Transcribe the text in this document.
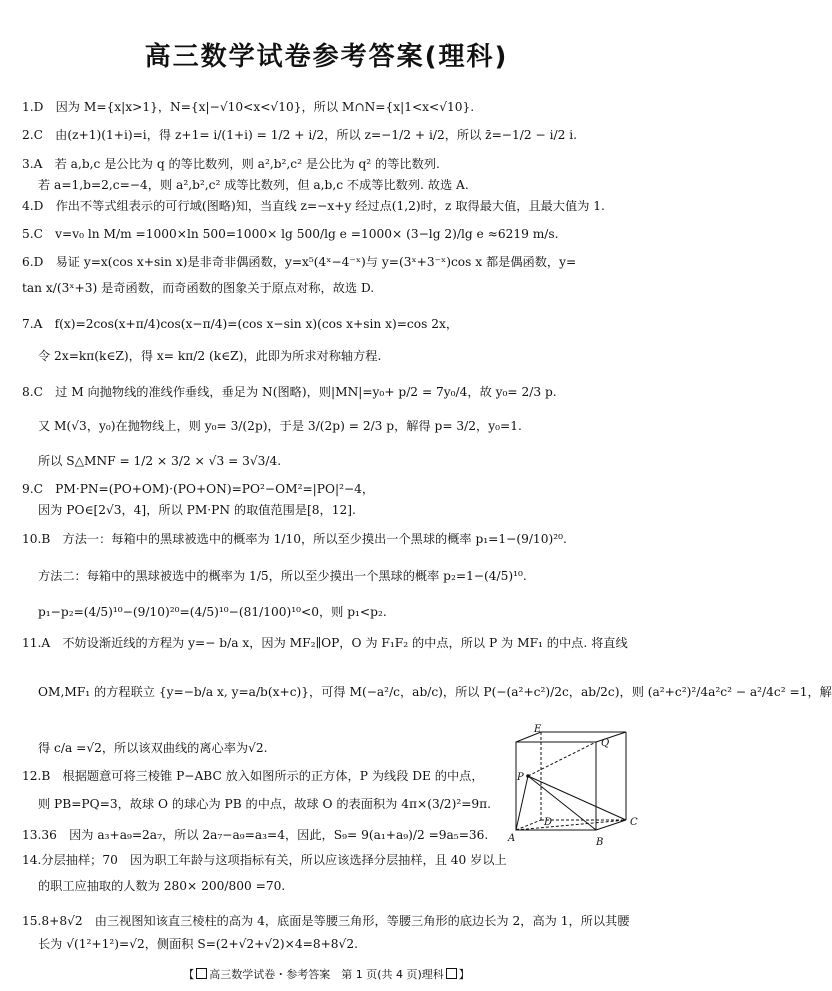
高三数学试卷参考答案(理科)
1.D　因为 M={x|x>1}，N={x|−√10<x<√10}，所以 M∩N={x|1<x<√10}.
2.C　由(z+1)(1+i)=i，得 z+1= i/(1+i) = 1/2 + i/2，所以 z=−1/2 + i/2，所以 z̄=−1/2 − i/2 i.
3.A　若 a,b,c 是公比为 q 的等比数列，则 a²,b²,c² 是公比为 q² 的等比数列.
若 a=1,b=2,c=−4，则 a²,b²,c² 成等比数列，但 a,b,c 不成等比数列. 故选 A.
4.D　作出不等式组表示的可行域(图略)知，当直线 z=−x+y 经过点(1,2)时，z 取得最大值，且最大值为 1.
5.C　v=v₀ ln M/m =1000×ln 500=1000× lg 500/lg e =1000× (3−lg 2)/lg e ≈6219 m/s.
6.D　易证 y=x(cos x+sin x)是非奇非偶函数，y=x⁵(4ˣ−4⁻ˣ)与 y=(3ˣ+3⁻ˣ)cos x 都是偶函数，y=
tan x/(3ˣ+3) 是奇函数，而奇函数的图象关于原点对称，故选 D.
7.A　f(x)=2cos(x+π/4)cos(x−π/4)=(cos x−sin x)(cos x+sin x)=cos 2x，
令 2x=kπ(k∈Z)，得 x= kπ/2 (k∈Z)，此即为所求对称轴方程.
8.C　过 M 向抛物线的准线作垂线，垂足为 N(图略)，则|MN|=y₀+ p/2 = 7y₀/4，故 y₀= 2/3 p.
又 M(√3，y₀)在抛物线上，则 y₀= 3/(2p)，于是 3/(2p) = 2/3 p，解得 p= 3/2，y₀=1.
所以 S△MNF = 1/2 × 3/2 × √3 = 3√3/4.
9.C　PM·PN=(PO+OM)·(PO+ON)=PO²−OM²=|PO|²−4，
因为 PO∈[2√3，4]，所以 PM·PN 的取值范围是[8，12].
10.B　方法一：每箱中的黑球被选中的概率为 1/10，所以至少摸出一个黑球的概率 p₁=1−(9/10)²⁰.
方法二：每箱中的黑球被选中的概率为 1/5，所以至少摸出一个黑球的概率 p₂=1−(4/5)¹⁰.
p₁−p₂=(4/5)¹⁰−(9/10)²⁰=(4/5)¹⁰−(81/100)¹⁰<0，则 p₁<p₂.
11.A　不妨设渐近线的方程为 y=− b/a x，因为 MF₂∥OP，O 为 F₁F₂ 的中点，所以 P 为 MF₁ 的中点. 将直线
OM,MF₁ 的方程联立 {y=−b/a x, y=a/b(x+c)}，可得 M(−a²/c，ab/c)，所以 P(−(a²+c²)/2c，ab/2c)，则 (a²+c²)²/4a²c² − a²/4c² =1，解
得 c/a =√2，所以该双曲线的离心率为√2.
12.B　根据题意可将三棱锥 P−ABC 放入如图所示的正方体，P 为线段 DE 的中点，
则 PB=PQ=3，故球 O 的球心为 PB 的中点，故球 O 的表面积为 4π×(3/2)²=9π.
13.36　因为 a₃+a₉=2a₇，所以 2a₇−a₉=a₃=4，因此，S₉= 9(a₁+a₉)/2 =9a₅=36.
14.分层抽样；70　因为职工年龄与这项指标有关，所以应该选择分层抽样，且 40 岁以上
的职工应抽取的人数为 280× 200/800 =70.
15.8+8√2　由三视图知该直三棱柱的高为 4，底面是等腰三角形，等腰三角形的底边长为 2，高为 1，所以其腰
长为 √(1²+1²)=√2，侧面积 S=(2+√2+√2)×4=8+8√2.
E
P
Q
D
A	B
C
【 高三数学试卷・参考答案　第 1 页(共 4 页)理科 】
